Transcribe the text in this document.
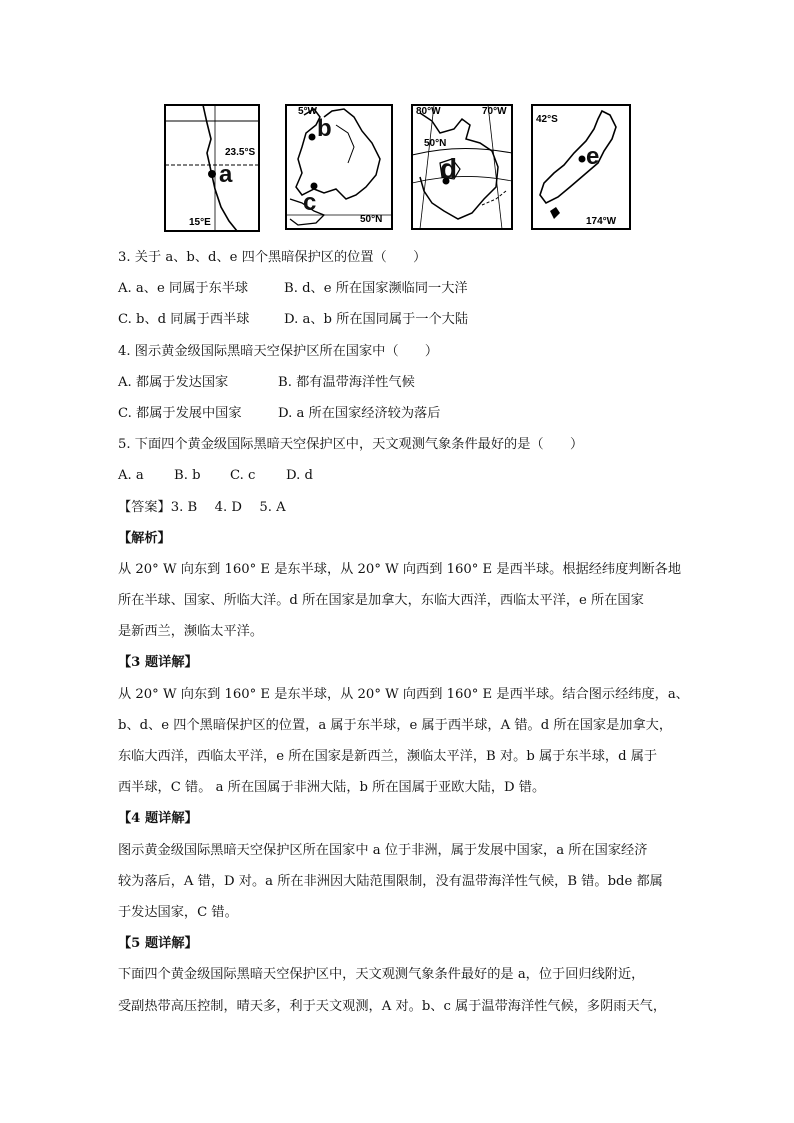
a
23.5°S
15°E
b
c
5°W
50°N
d
80°W	70°W
50°N	e
42°S
174°W
3. 关于 a、b、d、e 四个黑暗保护区的位置（　　）
A. a、e 同属于东半球	B. d、e 所在国家濒临同一大洋
C. b、d 同属于西半球	D. a、b 所在国同属于一个大陆
4. 图示黄金级国际黑暗天空保护区所在国家中（　　）
A. 都属于发达国家	B. 都有温带海洋性气候
C. 都属于发展中国家	D. a 所在国家经济较为落后
5. 下面四个黄金级国际黑暗天空保护区中，天文观测气象条件最好的是（　　）
A. a B. b C. c D. d
【答案】3. B　 4. D　 5. A
【解析】
从 20° W 向东到 160° E 是东半球，从 20° W 向西到 160° E 是西半球。根据经纬度判断各地
所在半球、国家、所临大洋。d 所在国家是加拿大，东临大西洋，西临太平洋，e 所在国家
是新西兰，濒临太平洋。
【3 题详解】
从 20° W 向东到 160° E 是东半球，从 20° W 向西到 160° E 是西半球。结合图示经纬度，a、
b、d、e 四个黑暗保护区的位置，a 属于东半球，e 属于西半球，A 错。d 所在国家是加拿大，
东临大西洋，西临太平洋，e 所在国家是新西兰，濒临太平洋，B 对。b 属于东半球，d 属于
西半球，C 错。 a 所在国属于非洲大陆，b 所在国属于亚欧大陆，D 错。
【4 题详解】
图示黄金级国际黑暗天空保护区所在国家中 a 位于非洲，属于发展中国家，a 所在国家经济
较为落后，A 错，D 对。a 所在非洲因大陆范围限制，没有温带海洋性气候，B 错。bde 都属
于发达国家，C 错。
【5 题详解】
下面四个黄金级国际黑暗天空保护区中，天文观测气象条件最好的是 a，位于回归线附近，
受副热带高压控制，晴天多，利于天文观测，A 对。b、c 属于温带海洋性气候，多阴雨天气，
